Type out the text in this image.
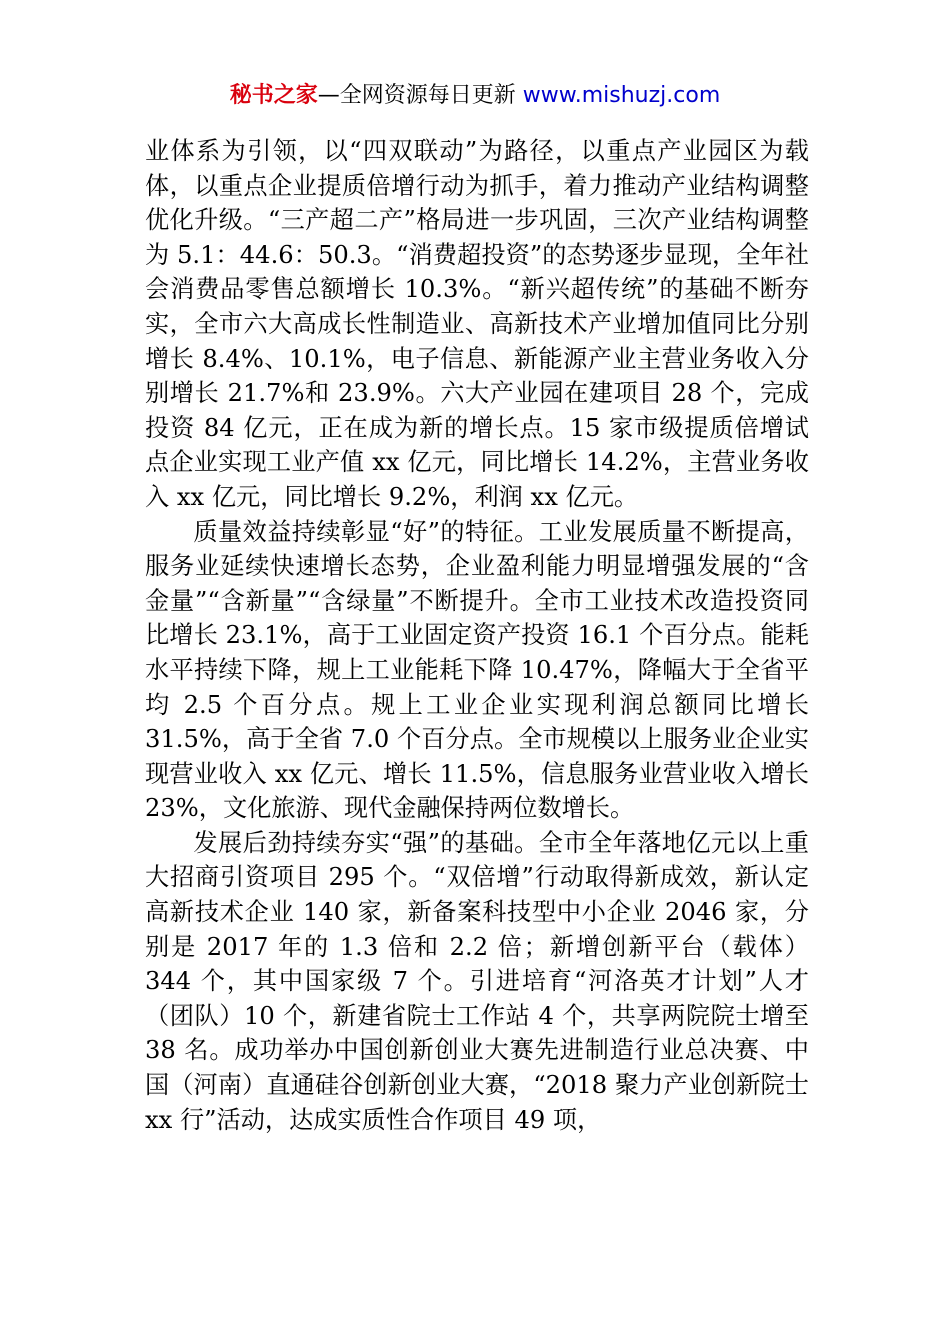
秘书之家—全网资源每日更新 www.mishuzj.com

业体系为引领，以“四双联动”为路径，以重点产业园区为载体，以重点企业提质倍增行动为抓手，着力推动产业结构调整优化升级。“三产超二产”格局进一步巩固，三次产业结构调整为 5.1：44.6：50.3。“消费超投资”的态势逐步显现，全年社会消费品零售总额增长 10.3%。“新兴超传统”的基础不断夯实，全市六大高成长性制造业、高新技术产业增加值同比分别增长 8.4%、10.1%，电子信息、新能源产业主营业务收入分别增长 21.7%和 23.9%。六大产业园在建项目 28 个，完成投资 84 亿元，正在成为新的增长点。15 家市级提质倍增试点企业实现工业产值 xx 亿元，同比增长 14.2%，主营业务收入 xx 亿元，同比增长 9.2%，利润 xx 亿元。

质量效益持续彰显“好”的特征。工业发展质量不断提高，服务业延续快速增长态势，企业盈利能力明显增强发展的“含金量”“含新量”“含绿量”不断提升。全市工业技术改造投资同比增长 23.1%，高于工业固定资产投资 16.1 个百分点。能耗水平持续下降，规上工业能耗下降 10.47%，降幅大于全省平均 2.5 个百分点。规上工业企业实现利润总额同比增长 31.5%，高于全省 7.0 个百分点。全市规模以上服务业企业实现营业收入 xx 亿元、增长 11.5%，信息服务业营业收入增长 23%，文化旅游、现代金融保持两位数增长。

发展后劲持续夯实“强”的基础。全市全年落地亿元以上重大招商引资项目 295 个。“双倍增”行动取得新成效，新认定高新技术企业 140 家，新备案科技型中小企业 2046 家，分别是 2017 年的 1.3 倍和 2.2 倍；新增创新平台（载体）344 个，其中国家级 7 个。引进培育“河洛英才计划”人才（团队）10 个，新建省院士工作站 4 个，共享两院院士增至 38 名。成功举办中国创新创业大赛先进制造行业总决赛、中国（河南）直通硅谷创新创业大赛，“2018 聚力产业创新院士 xx 行”活动，达成实质性合作项目 49 项，
